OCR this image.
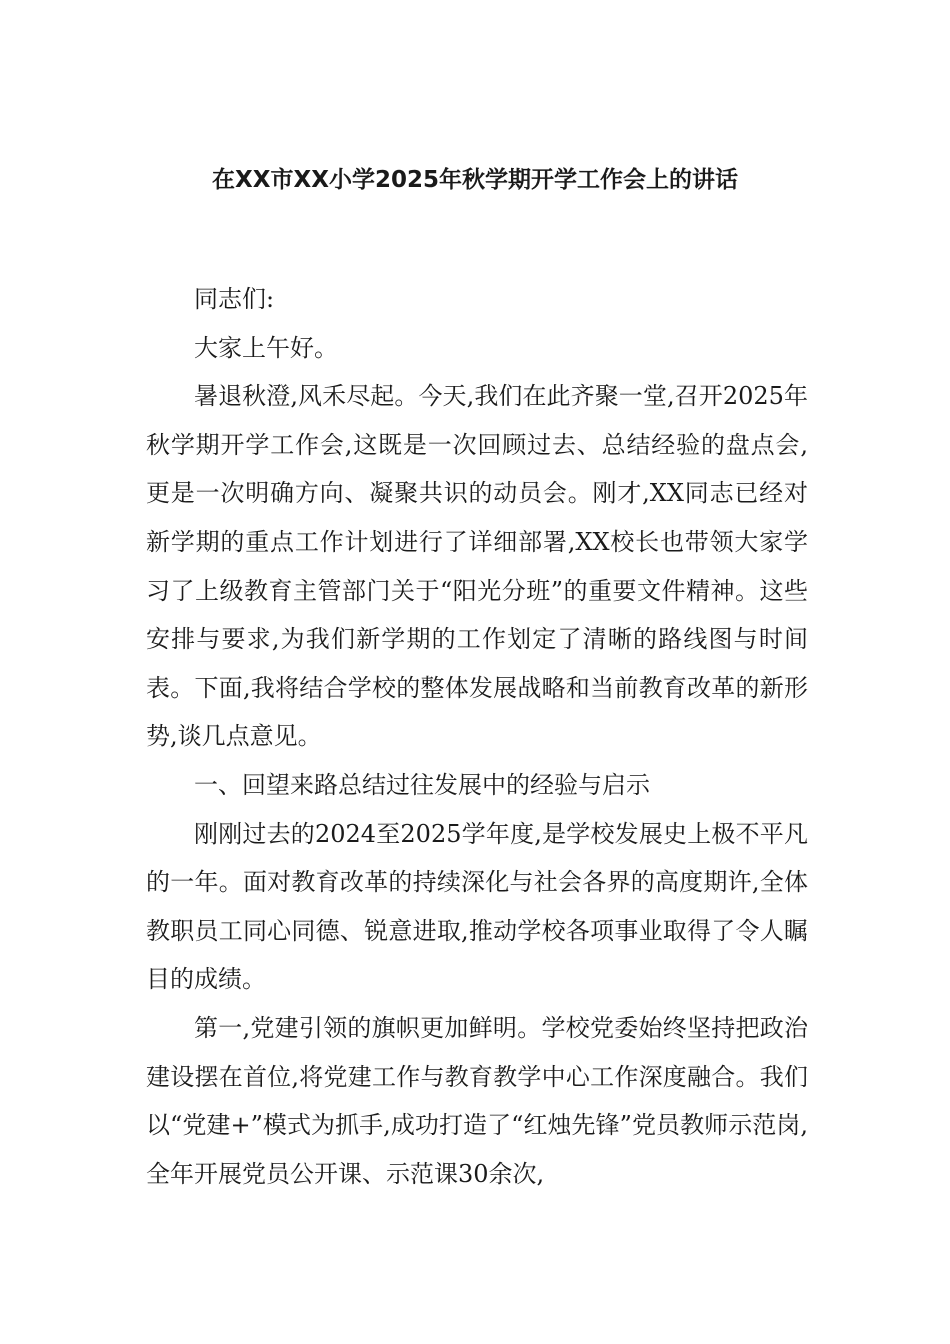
在XX市XX小学2025年秋学期开学工作会上的讲话

同志们:

大家上午好。

暑退秋澄,风禾尽起。今天,我们在此齐聚一堂,召开2025年秋学期开学工作会,这既是一次回顾过去、总结经验的盘点会,更是一次明确方向、凝聚共识的动员会。刚才,XX同志已经对新学期的重点工作计划进行了详细部署,XX校长也带领大家学习了上级教育主管部门关于“阳光分班”的重要文件精神。这些安排与要求,为我们新学期的工作划定了清晰的路线图与时间表。下面,我将结合学校的整体发展战略和当前教育改革的新形势,谈几点意见。

一、回望来路总结过往发展中的经验与启示

刚刚过去的2024至2025学年度,是学校发展史上极不平凡的一年。面对教育改革的持续深化与社会各界的高度期许,全体教职员工同心同德、锐意进取,推动学校各项事业取得了令人瞩目的成绩。

第一,党建引领的旗帜更加鲜明。学校党委始终坚持把政治建设摆在首位,将党建工作与教育教学中心工作深度融合。我们以“党建+”模式为抓手,成功打造了“红烛先锋”党员教师示范岗,全年开展党员公开课、示范课30余次,
